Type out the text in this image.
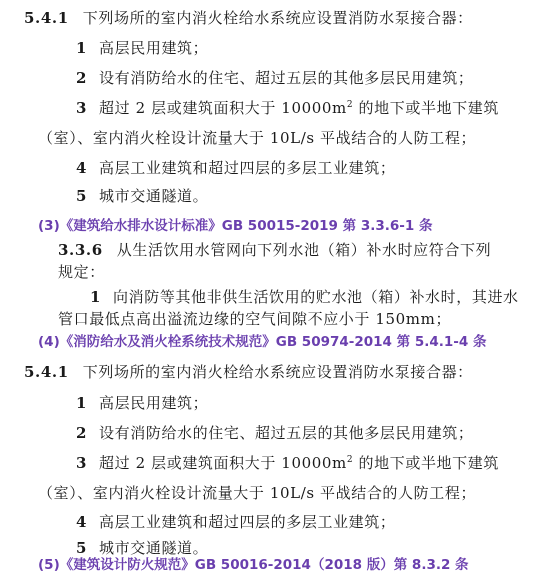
5.4.1 下列场所的室内消火栓给水系统应设置消防水泵接合器：
1 高层民用建筑；
2 设有消防给水的住宅、超过五层的其他多层民用建筑；
3 超过 2 层或建筑面积大于 $10000m^2$ 的地下或半地下建筑
（室）、室内消火栓设计流量大于 10L/s 平战结合的人防工程；
4 高层工业建筑和超过四层的多层工业建筑；
5 城市交通隧道。
(3)《建筑给水排水设计标准》GB 50015-2019 第 3.3.6-1 条
3.3.6 从生活饮用水管网向下列水池（箱）补水时应符合下列
规定：
1 向消防等其他非供生活饮用的贮水池（箱）补水时，其进水
管口最低点高出溢流边缘的空气间隙不应小于 150mm；
(4)《消防给水及消火栓系统技术规范》GB 50974-2014 第 5.4.1-4 条
5.4.1 下列场所的室内消火栓给水系统应设置消防水泵接合器：
1 高层民用建筑；
2 设有消防给水的住宅、超过五层的其他多层民用建筑；
3 超过 2 层或建筑面积大于 $10000m^2$ 的地下或半地下建筑
（室）、室内消火栓设计流量大于 10L/s 平战结合的人防工程；
4 高层工业建筑和超过四层的多层工业建筑；
5 城市交通隧道。
(5)《建筑设计防火规范》GB 50016-2014（2018 版）第 8.3.2 条
